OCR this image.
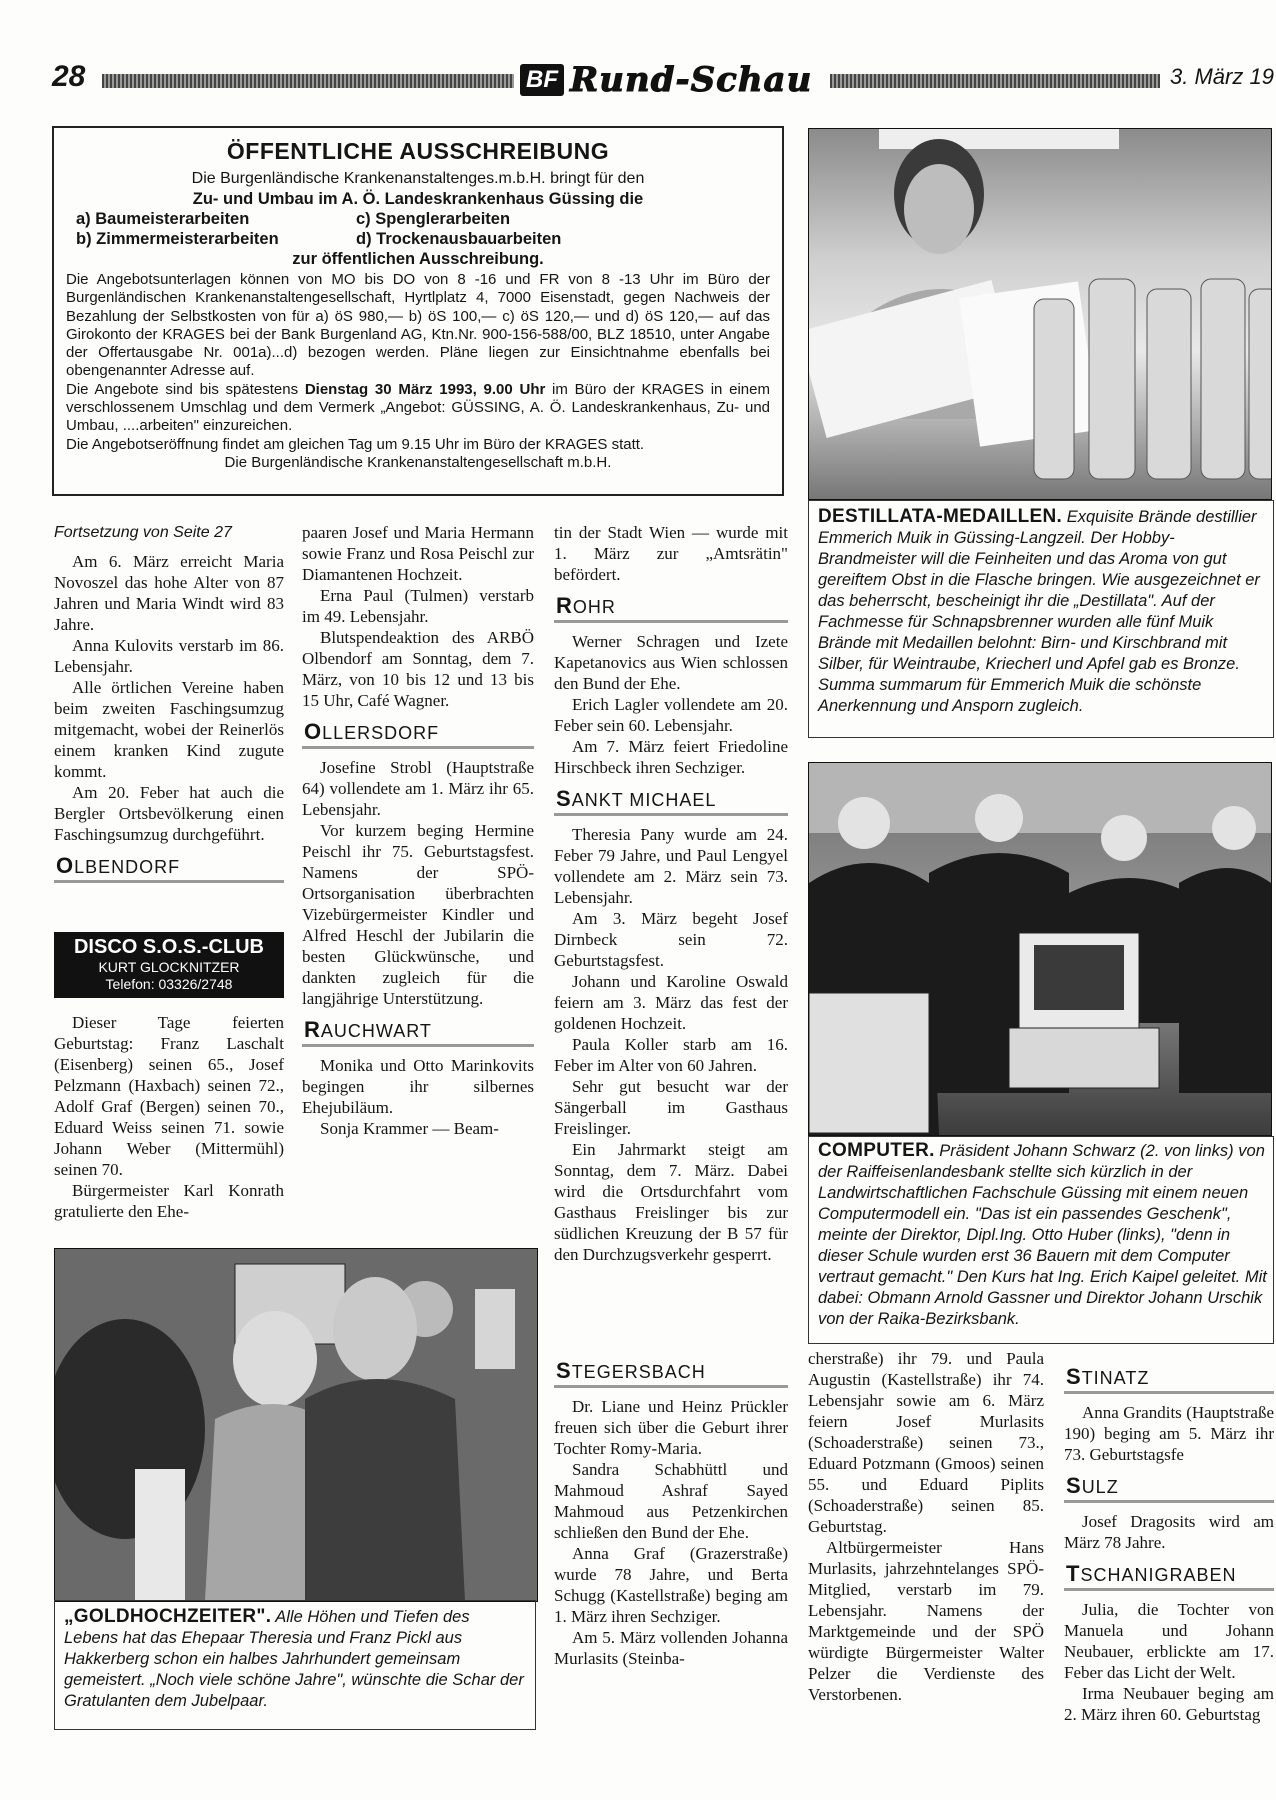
28	BF Rund-Schau	3. März 19
ÖFFENTLICHE AUSSCHREIBUNG
Die Burgenländische Krankenanstaltenges.m.b.H. bringt für den
Zu- und Umbau im A. Ö. Landeskrankenhaus Güssing die
a) Baumeisterarbeiten	c) Spenglerarbeiten
b) Zimmermeisterarbeiten	d) Trockenausbauarbeiten
zur öffentlichen Ausschreibung.
Die Angebotsunterlagen können von MO bis DO von 8 -16 und FR von 8 -13 Uhr im Büro der Burgenländischen Krankenanstaltengesellschaft, Hyrtlplatz 4, 7000 Eisenstadt, gegen Nachweis der Bezahlung der Selbstkosten von für a) öS 980,— b) öS 100,— c) öS 120,— und d) öS 120,— auf das Girokonto der KRAGES bei der Bank Burgenland AG, Ktn.Nr. 900-156-588/00, BLZ 18510, unter Angabe der Offertausgabe Nr. 001a)...d) bezogen werden. Pläne liegen zur Einsichtnahme ebenfalls bei obengenannter Adresse auf.
Die Angebote sind bis spätestens Dienstag 30 März 1993, 9.00 Uhr im Büro der KRAGES in einem verschlossenem Umschlag und dem Vermerk „Angebot: GÜSSING, A. Ö. Landeskrankenhaus, Zu- und Umbau, ....arbeiten" einzureichen.
Die Angebotseröffnung findet am gleichen Tag um 9.15 Uhr im Büro der KRAGES statt.
Die Burgenländische Krankenanstaltengesellschaft m.b.H.
DESTILLATA-MEDAILLEN. Exquisite Brände destillier Emmerich Muik in Güssing-Langzeil. Der Hobby-Brandmeister will die Feinheiten und das Aroma von gut gereiftem Obst in die Flasche bringen. Wie ausgezeichnet er das beherrscht, bescheinigt ihr die „Destillata". Auf der Fachmesse für Schnapsbrenner wurden alle fünf Muik Brände mit Medaillen belohnt: Birn- und Kirschbrand mit Silber, für Weintraube, Kriecherl und Apfel gab es Bronze. Summa summarum für Emmerich Muik die schönste Anerkennung und Ansporn zugleich.

Fortsetzung von Seite 27

Am 6. März erreicht Maria Novoszel das hohe Alter von 87 Jahren und Maria Windt wird 83 Jahre.

Anna Kulovits verstarb im 86. Lebensjahr.

Alle örtlichen Vereine haben beim zweiten Faschingsumzug mitgemacht, wobei der Reinerlös einem kranken Kind zugute kommt.

Am 20. Feber hat auch die Bergler Ortsbevölkerung einen Faschingsumzug durchgeführt.

OLBENDORF
DISCO S.O.S.-CLUB
KURT GLOCKNITZER
Telefon: 03326/2748

Dieser Tage feierten Geburtstag: Franz Laschalt (Eisenberg) seinen 65., Josef Pelzmann (Haxbach) seinen 72., Adolf Graf (Bergen) seinen 70., Eduard Weiss seinen 71. sowie Johann Weber (Mittermühl) seinen 70.

Bürgermeister Karl Konrath gratulierte den Ehe-

paaren Josef und Maria Hermann sowie Franz und Rosa Peischl zur Diamantenen Hochzeit.

Erna Paul (Tulmen) verstarb im 49. Lebensjahr.

Blutspendeaktion des ARBÖ Olbendorf am Sonntag, dem 7. März, von 10 bis 12 und 13 bis 15 Uhr, Café Wagner.

OLLERSDORF

Josefine Strobl (Hauptstraße 64) vollendete am 1. März ihr 65. Lebensjahr.

Vor kurzem beging Hermine Peischl ihr 75. Geburtstagsfest. Namens der SPÖ-Ortsorganisation überbrachten Vizebürgermeister Kindler und Alfred Heschl der Jubilarin die besten Glückwünsche, und dankten zugleich für die langjährige Unterstützung.

RAUCHWART

Monika und Otto Marinkovits begingen ihr silbernes Ehejubiläum.

Sonja Krammer — Beam-

tin der Stadt Wien — wurde mit 1. März zur „Amtsrätin" befördert.

ROHR

Werner Schragen und Izete Kapetanovics aus Wien schlossen den Bund der Ehe.

Erich Lagler vollendete am 20. Feber sein 60. Lebensjahr.

Am 7. März feiert Friedoline Hirschbeck ihren Sechziger.

SANKT MICHAEL

Theresia Pany wurde am 24. Feber 79 Jahre, und Paul Lengyel vollendete am 2. März sein 73. Lebensjahr.

Am 3. März begeht Josef Dirnbeck sein 72. Geburtstagsfest.

Johann und Karoline Oswald feiern am 3. März das fest der goldenen Hochzeit.

Paula Koller starb am 16. Feber im Alter von 60 Jahren.

Sehr gut besucht war der Sängerball im Gasthaus Freislinger.

Ein Jahrmarkt steigt am Sonntag, dem 7. März. Dabei wird die Ortsdurchfahrt vom Gasthaus Freislinger bis zur südlichen Kreuzung der B 57 für den Durchzugsverkehr gesperrt.

COMPUTER. Präsident Johann Schwarz (2. von links) von der Raiffeisenlandesbank stellte sich kürzlich in der Landwirtschaftlichen Fachschule Güssing mit einem neuen Computermodell ein. "Das ist ein passendes Geschenk", meinte der Direktor, Dipl.Ing. Otto Huber (links), "denn in dieser Schule wurden erst 36 Bauern mit dem Computer vertraut gemacht." Den Kurs hat Ing. Erich Kaipel geleitet. Mit dabei: Obmann Arnold Gassner und Direktor Johann Urschik von der Raika-Bezirksbank.
„GOLDHOCHZEITER". Alle Höhen und Tiefen des Lebens hat das Ehepaar Theresia und Franz Pickl aus Hakkerberg schon ein halbes Jahrhundert gemeinsam gemeistert. „Noch viele schöne Jahre", wünschte die Schar der Gratulanten dem Jubelpaar.
STEGERSBACH

Dr. Liane und Heinz Prückler freuen sich über die Geburt ihrer Tochter Romy-Maria.

Sandra Schabhüttl und Mahmoud Ashraf Sayed Mahmoud aus Petzenkirchen schließen den Bund der Ehe.

Anna Graf (Grazerstraße) wurde 78 Jahre, und Berta Schugg (Kastellstraße) beging am 1. März ihren Sechziger.

Am 5. März vollenden Johanna Murlasits (Steinba-

cherstraße) ihr 79. und Paula Augustin (Kastellstraße) ihr 74. Lebensjahr sowie am 6. März feiern Josef Murlasits (Schoaderstraße) seinen 73., Eduard Potzmann (Gmoos) seinen 55. und Eduard Piplits (Schoaderstraße) seinen 85. Geburtstag.

Altbürgermeister Hans Murlasits, jahrzehntelanges SPÖ-Mitglied, verstarb im 79. Lebensjahr. Namens der Marktgemeinde und der SPÖ würdigte Bürgermeister Walter Pelzer die Verdienste des Verstorbenen.

STINATZ

Anna Grandits (Hauptstraße 190) beging am 5. März ihr 73. Geburtstagsfe

SULZ

Josef Dragosits wird am März 78 Jahre.

TSCHANIGRABEN

Julia, die Tochter von Manuela und Johann Neubauer, erblickte am 17. Feber das Licht der Welt.

Irma Neubauer beging am 2. März ihren 60. Geburtstag
